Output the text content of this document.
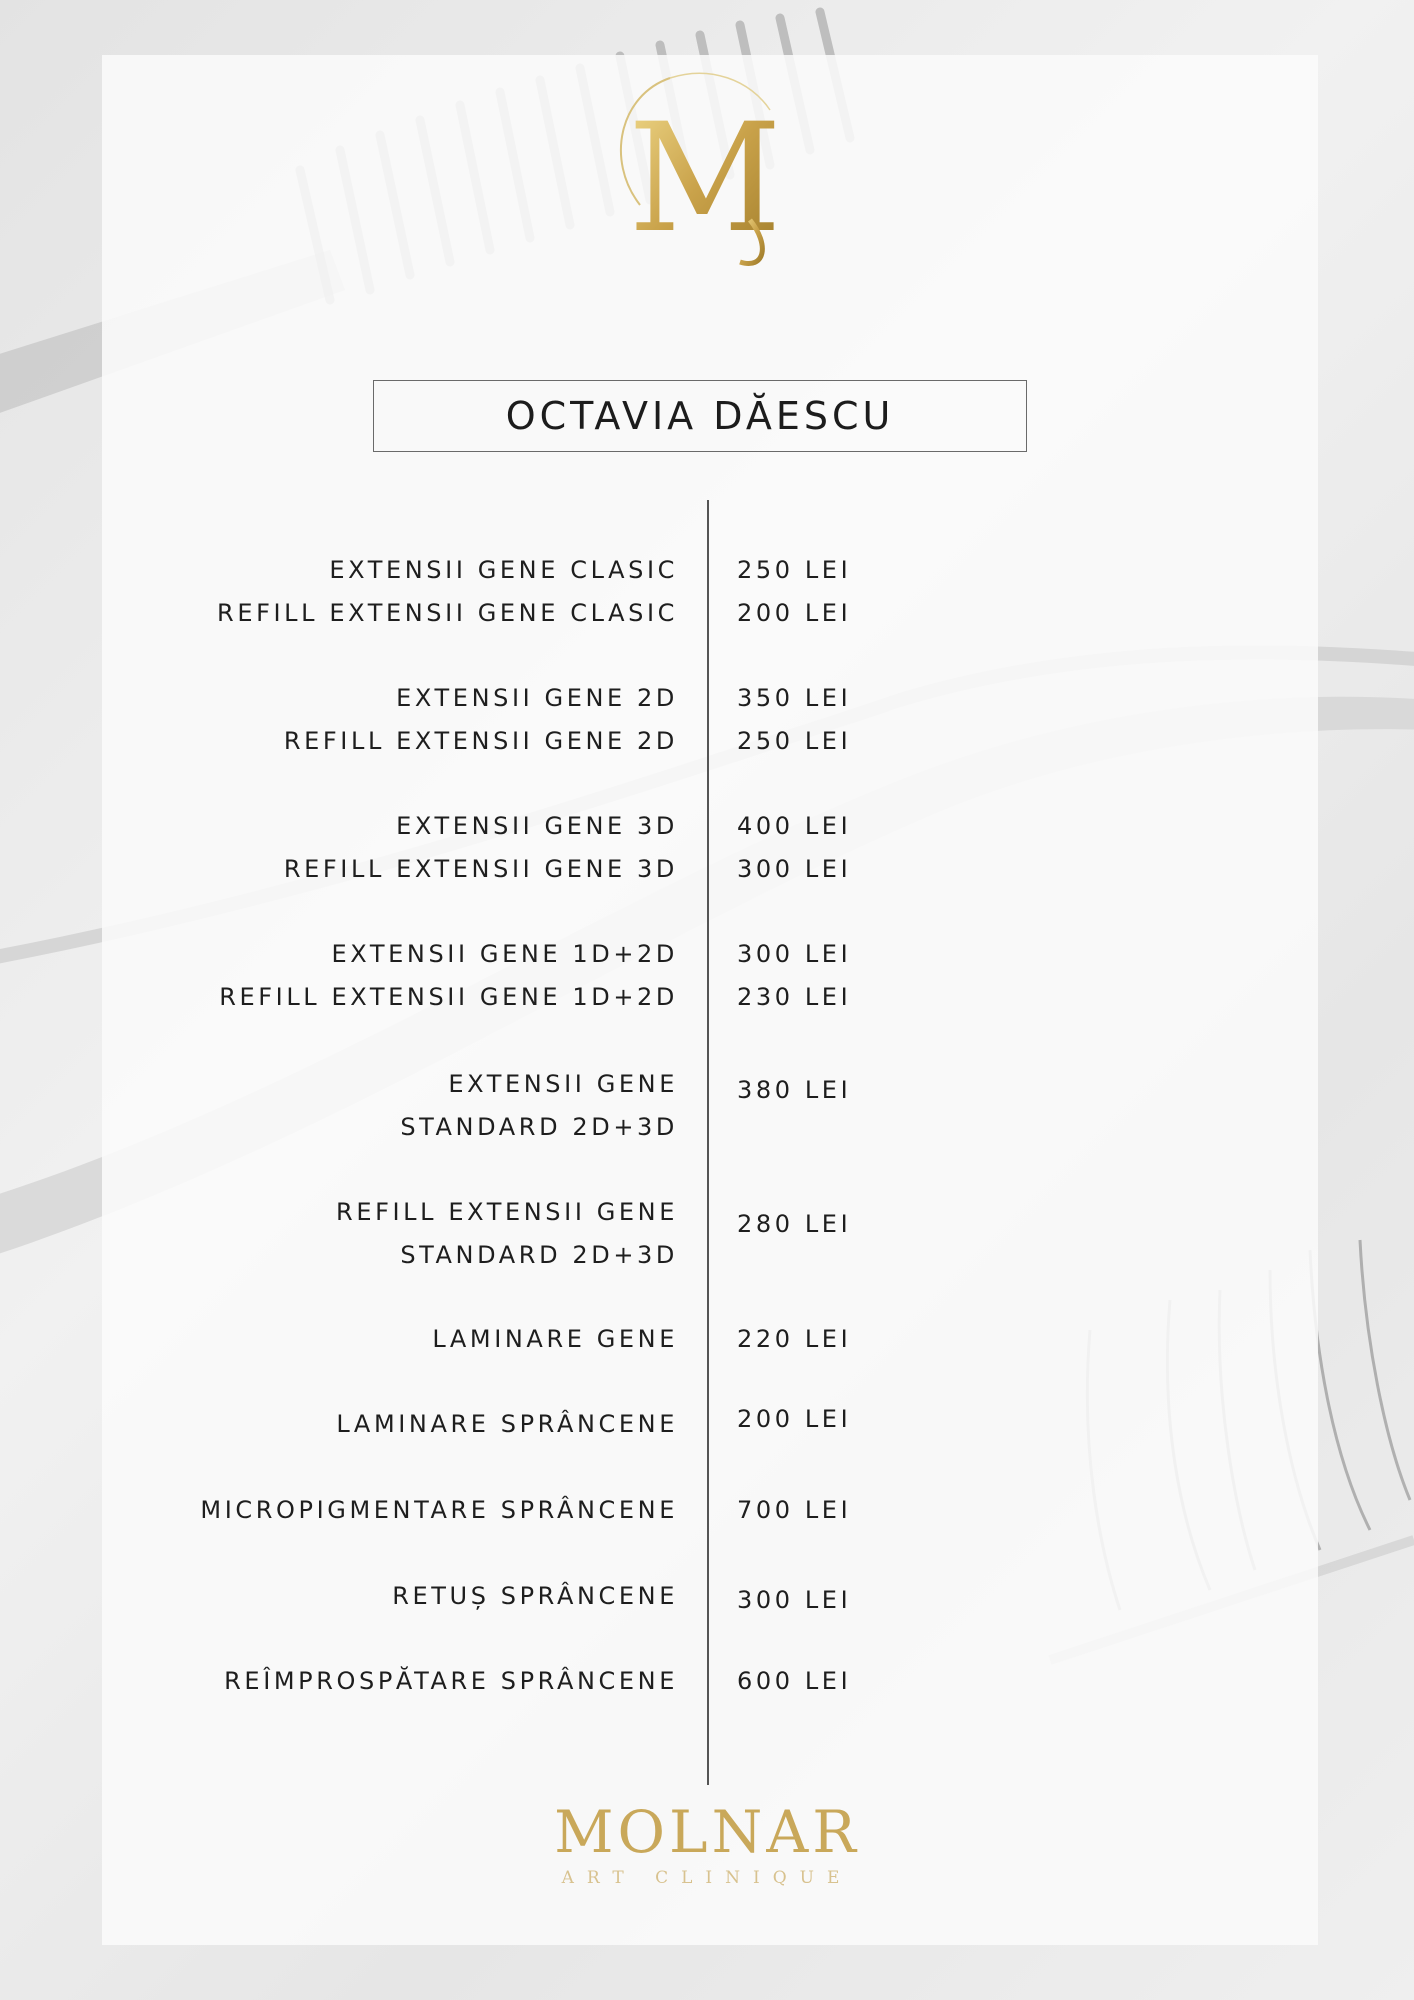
M
OCTAVIA DĂESCU
EXTENSII GENE CLASIC 250 LEI
REFILL EXTENSII GENE CLASIC 200 LEI
EXTENSII GENE 2D 350 LEI
REFILL EXTENSII GENE 2D 250 LEI
EXTENSII GENE 3D 400 LEI
REFILL EXTENSII GENE 3D 300 LEI
EXTENSII GENE 1D+2D 300 LEI
REFILL EXTENSII GENE 1D+2D 230 LEI
EXTENSII GENE
STANDARD 2D+3D
380 LEI
REFILL EXTENSII GENE
STANDARD 2D+3D
280 LEI
LAMINARE GENE 220 LEI
LAMINARE SPRÂNCENE 200 LEI
MICROPIGMENTARE SPRÂNCENE 700 LEI
RETUȘ SPRÂNCENE 300 LEI
REÎMPROSPĂTARE SPRÂNCENE 600 LEI
MOLNAR
ART CLINIQUE
